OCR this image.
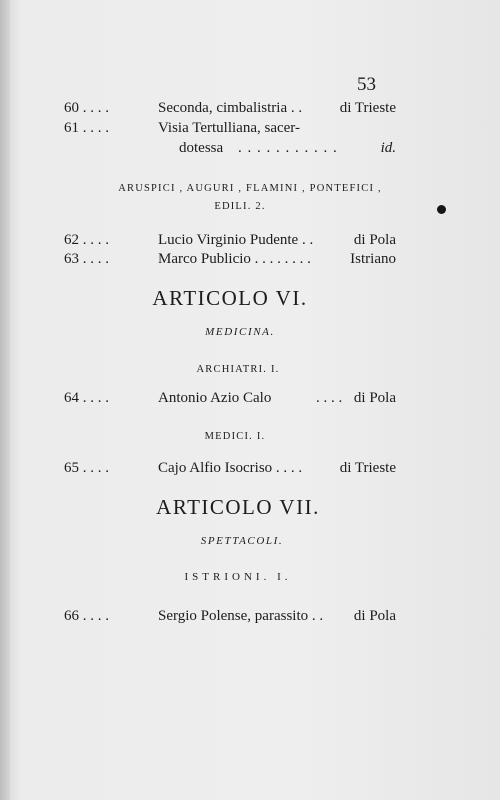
53
60 . . . .	Seconda, cimbalistria . .	di Trieste
61 . . . .	Visia Tertulliana, sacer-
dotessa . . . . . . . . . . .	id.
ARUSPICI , AUGURI , FLAMINI , PONTEFICI ,
EDILI. 2.
62 . . . .	Lucio Virginio Pudente . .	di Pola
63 . . . .	Marco Publicio . . . . . . . .	Istriano
ARTICOLO VI.
MEDICINA.
ARCHIATRI. I.
64 . . . .	Antonio Azio Calo	. . . . di Pola
MEDICI. I.
65 . . . .	Cajo Alfio Isocriso . . . .	di Trieste
ARTICOLO VII.
SPETTACOLI.
ISTRIONI. I.
66 . . . .	Sergio Polense, parassito . . di Pola
